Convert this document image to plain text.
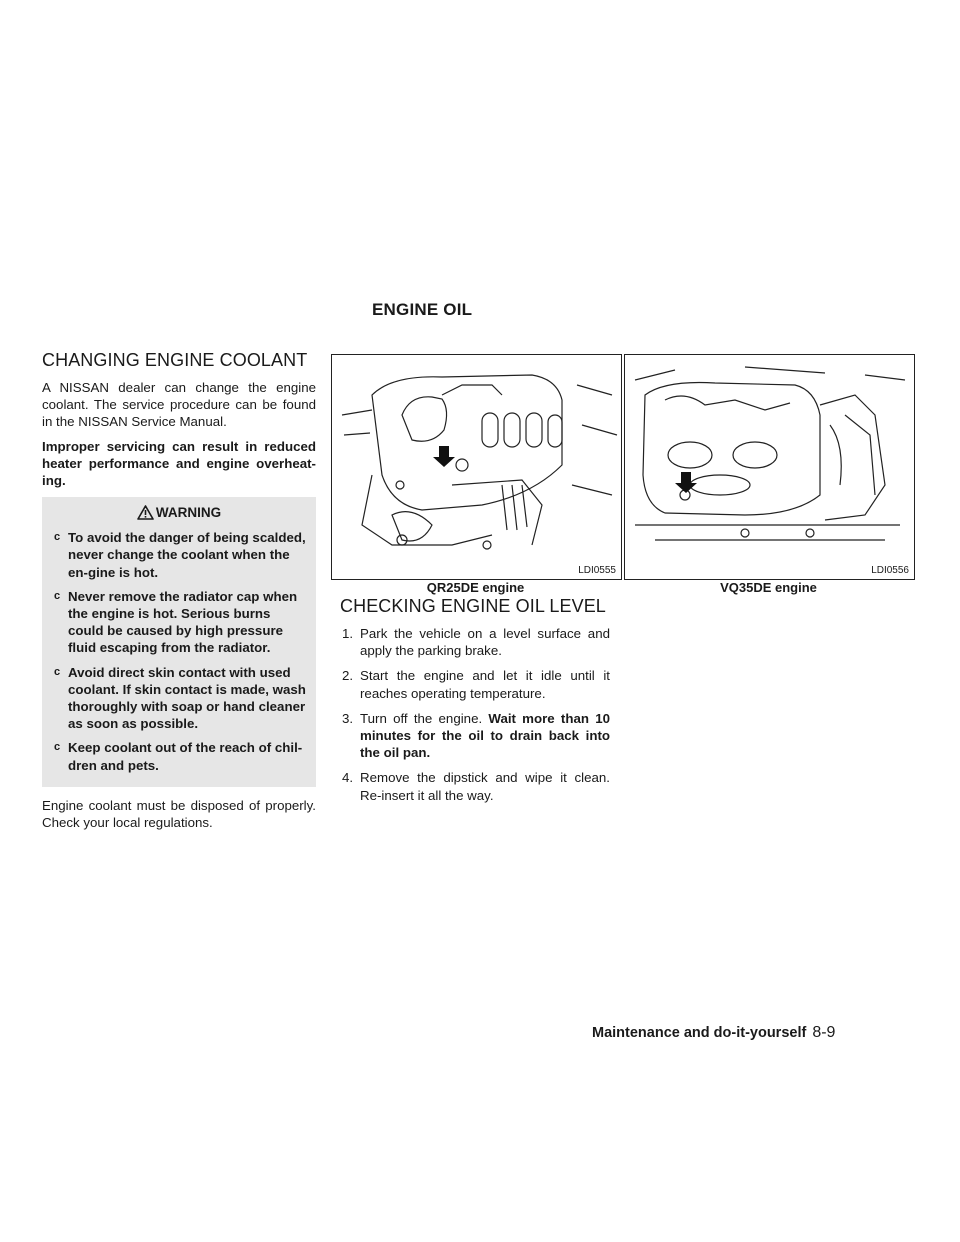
ENGINE OIL
CHANGING ENGINE COOLANT

A NISSAN dealer can change the engine coolant. The service procedure can be found in the NISSAN Service Manual.

Improper servicing can result in reduced heater performance and engine overheat-ing.

WARNING
c To avoid the danger of being scalded, never change the coolant when the en-gine is hot.
c Never remove the radiator cap when the engine is hot. Serious burns could be caused by high pressure fluid escaping from the radiator.
c Avoid direct skin contact with used coolant. If skin contact is made, wash thoroughly with soap or hand cleaner as soon as possible.
c Keep coolant out of the reach of chil-dren and pets.

Engine coolant must be disposed of properly. Check your local regulations.

LDI0555
QR25DE engine
LDI0556
VQ35DE engine
CHECKING ENGINE OIL LEVEL
1. Park the vehicle on a level surface and apply the parking brake.
2. Start the engine and let it idle until it reaches operating temperature.
3. Turn off the engine. Wait more than 10 minutes for the oil to drain back into the oil pan.
4. Remove the dipstick and wipe it clean. Re-insert it all the way.
Maintenance and do-it-yourself 8-9
